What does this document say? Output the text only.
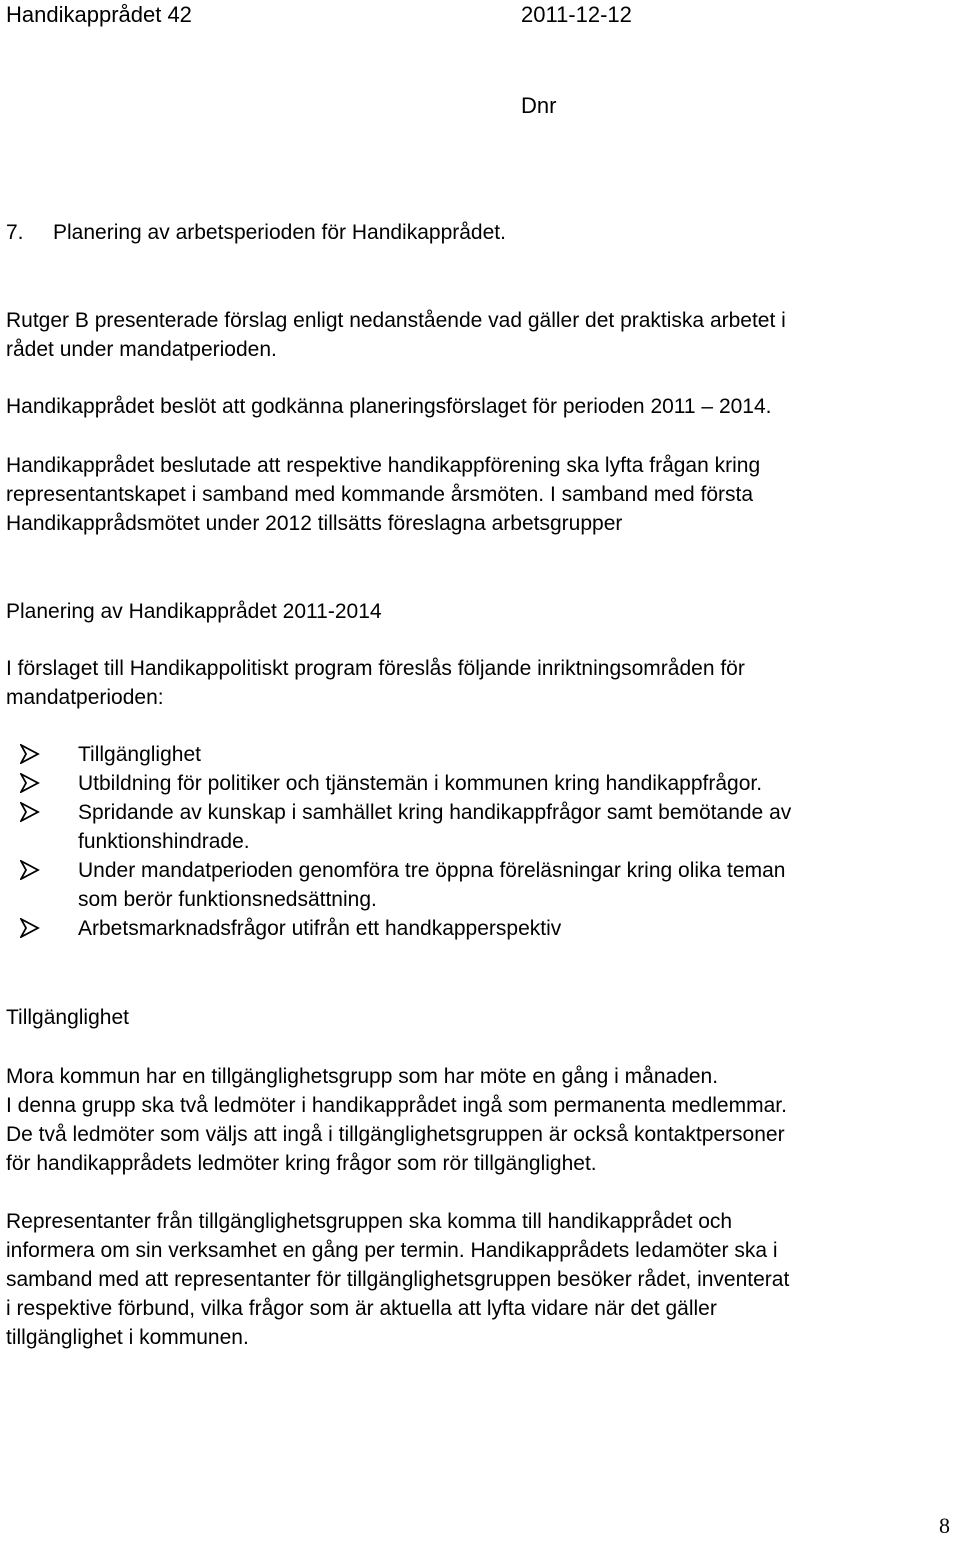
Handikapprådet 42	2011-12-12
Dnr
7. Planering av arbetsperioden för Handikapprådet.
Rutger B presenterade förslag enligt nedanstående vad gäller det praktiska arbetet i
rådet under mandatperioden.
Handikapprådet beslöt att godkänna planeringsförslaget för perioden 2011 – 2014.
Handikapprådet beslutade att respektive handikappförening ska lyfta frågan kring
representantskapet i samband med kommande årsmöten. I samband med första
Handikapprådsmötet under 2012 tillsätts föreslagna arbetsgrupper
Planering av Handikapprådet 2011-2014
I förslaget till Handikappolitiskt program föreslås följande inriktningsområden för
mandatperioden:
Tillgänglighet
Utbildning för politiker och tjänstemän i kommunen kring handikappfrågor.
Spridande av kunskap i samhället kring handikappfrågor samt bemötande av
funktionshindrade.
Under mandatperioden genomföra tre öppna föreläsningar kring olika teman
som berör funktionsnedsättning.
Arbetsmarknadsfrågor utifrån ett handkapperspektiv
Tillgänglighet
Mora kommun har en tillgänglighetsgrupp som har möte en gång i månaden.
I denna grupp ska två ledmöter i handikapprådet ingå som permanenta medlemmar.
De två ledmöter som väljs att ingå i tillgänglighetsgruppen är också kontaktpersoner
för handikapprådets ledmöter kring frågor som rör tillgänglighet.
Representanter från tillgänglighetsgruppen ska komma till handikapprådet och
informera om sin verksamhet en gång per termin. Handikapprådets ledamöter ska i
samband med att representanter för tillgänglighetsgruppen besöker rådet, inventerat
i respektive förbund, vilka frågor som är aktuella att lyfta vidare när det gäller
tillgänglighet i kommunen.
8
